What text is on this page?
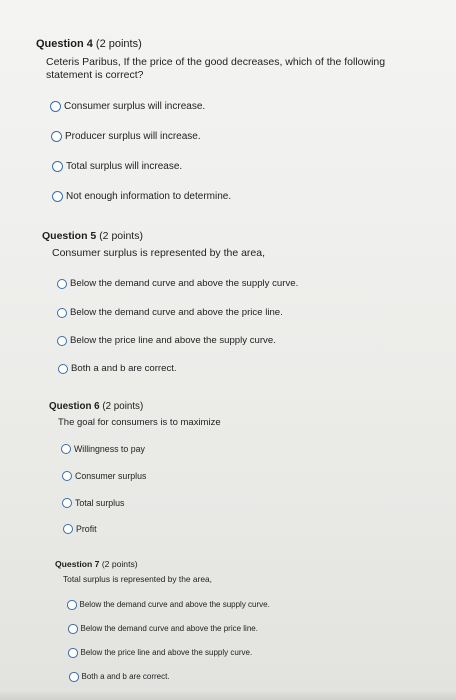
Question 4 (2 points)
Ceteris Paribus, If the price of the good decreases, which of the following statement is correct?
Consumer surplus will increase.
Producer surplus will increase.
Total surplus will increase.
Not enough information to determine.
Question 5 (2 points)
Consumer surplus is represented by the area,
Below the demand curve and above the supply curve.
Below the demand curve and above the price line.
Below the price line and above the supply curve.
Both a and b are correct.
Question 6 (2 points)
The goal for consumers is to maximize
Willingness to pay
Consumer surplus
Total surplus
Profit
Question 7 (2 points)
Total surplus is represented by the area,
Below the demand curve and above the supply curve.
Below the demand curve and above the price line.
Below the price line and above the supply curve.
Both a and b are correct.
